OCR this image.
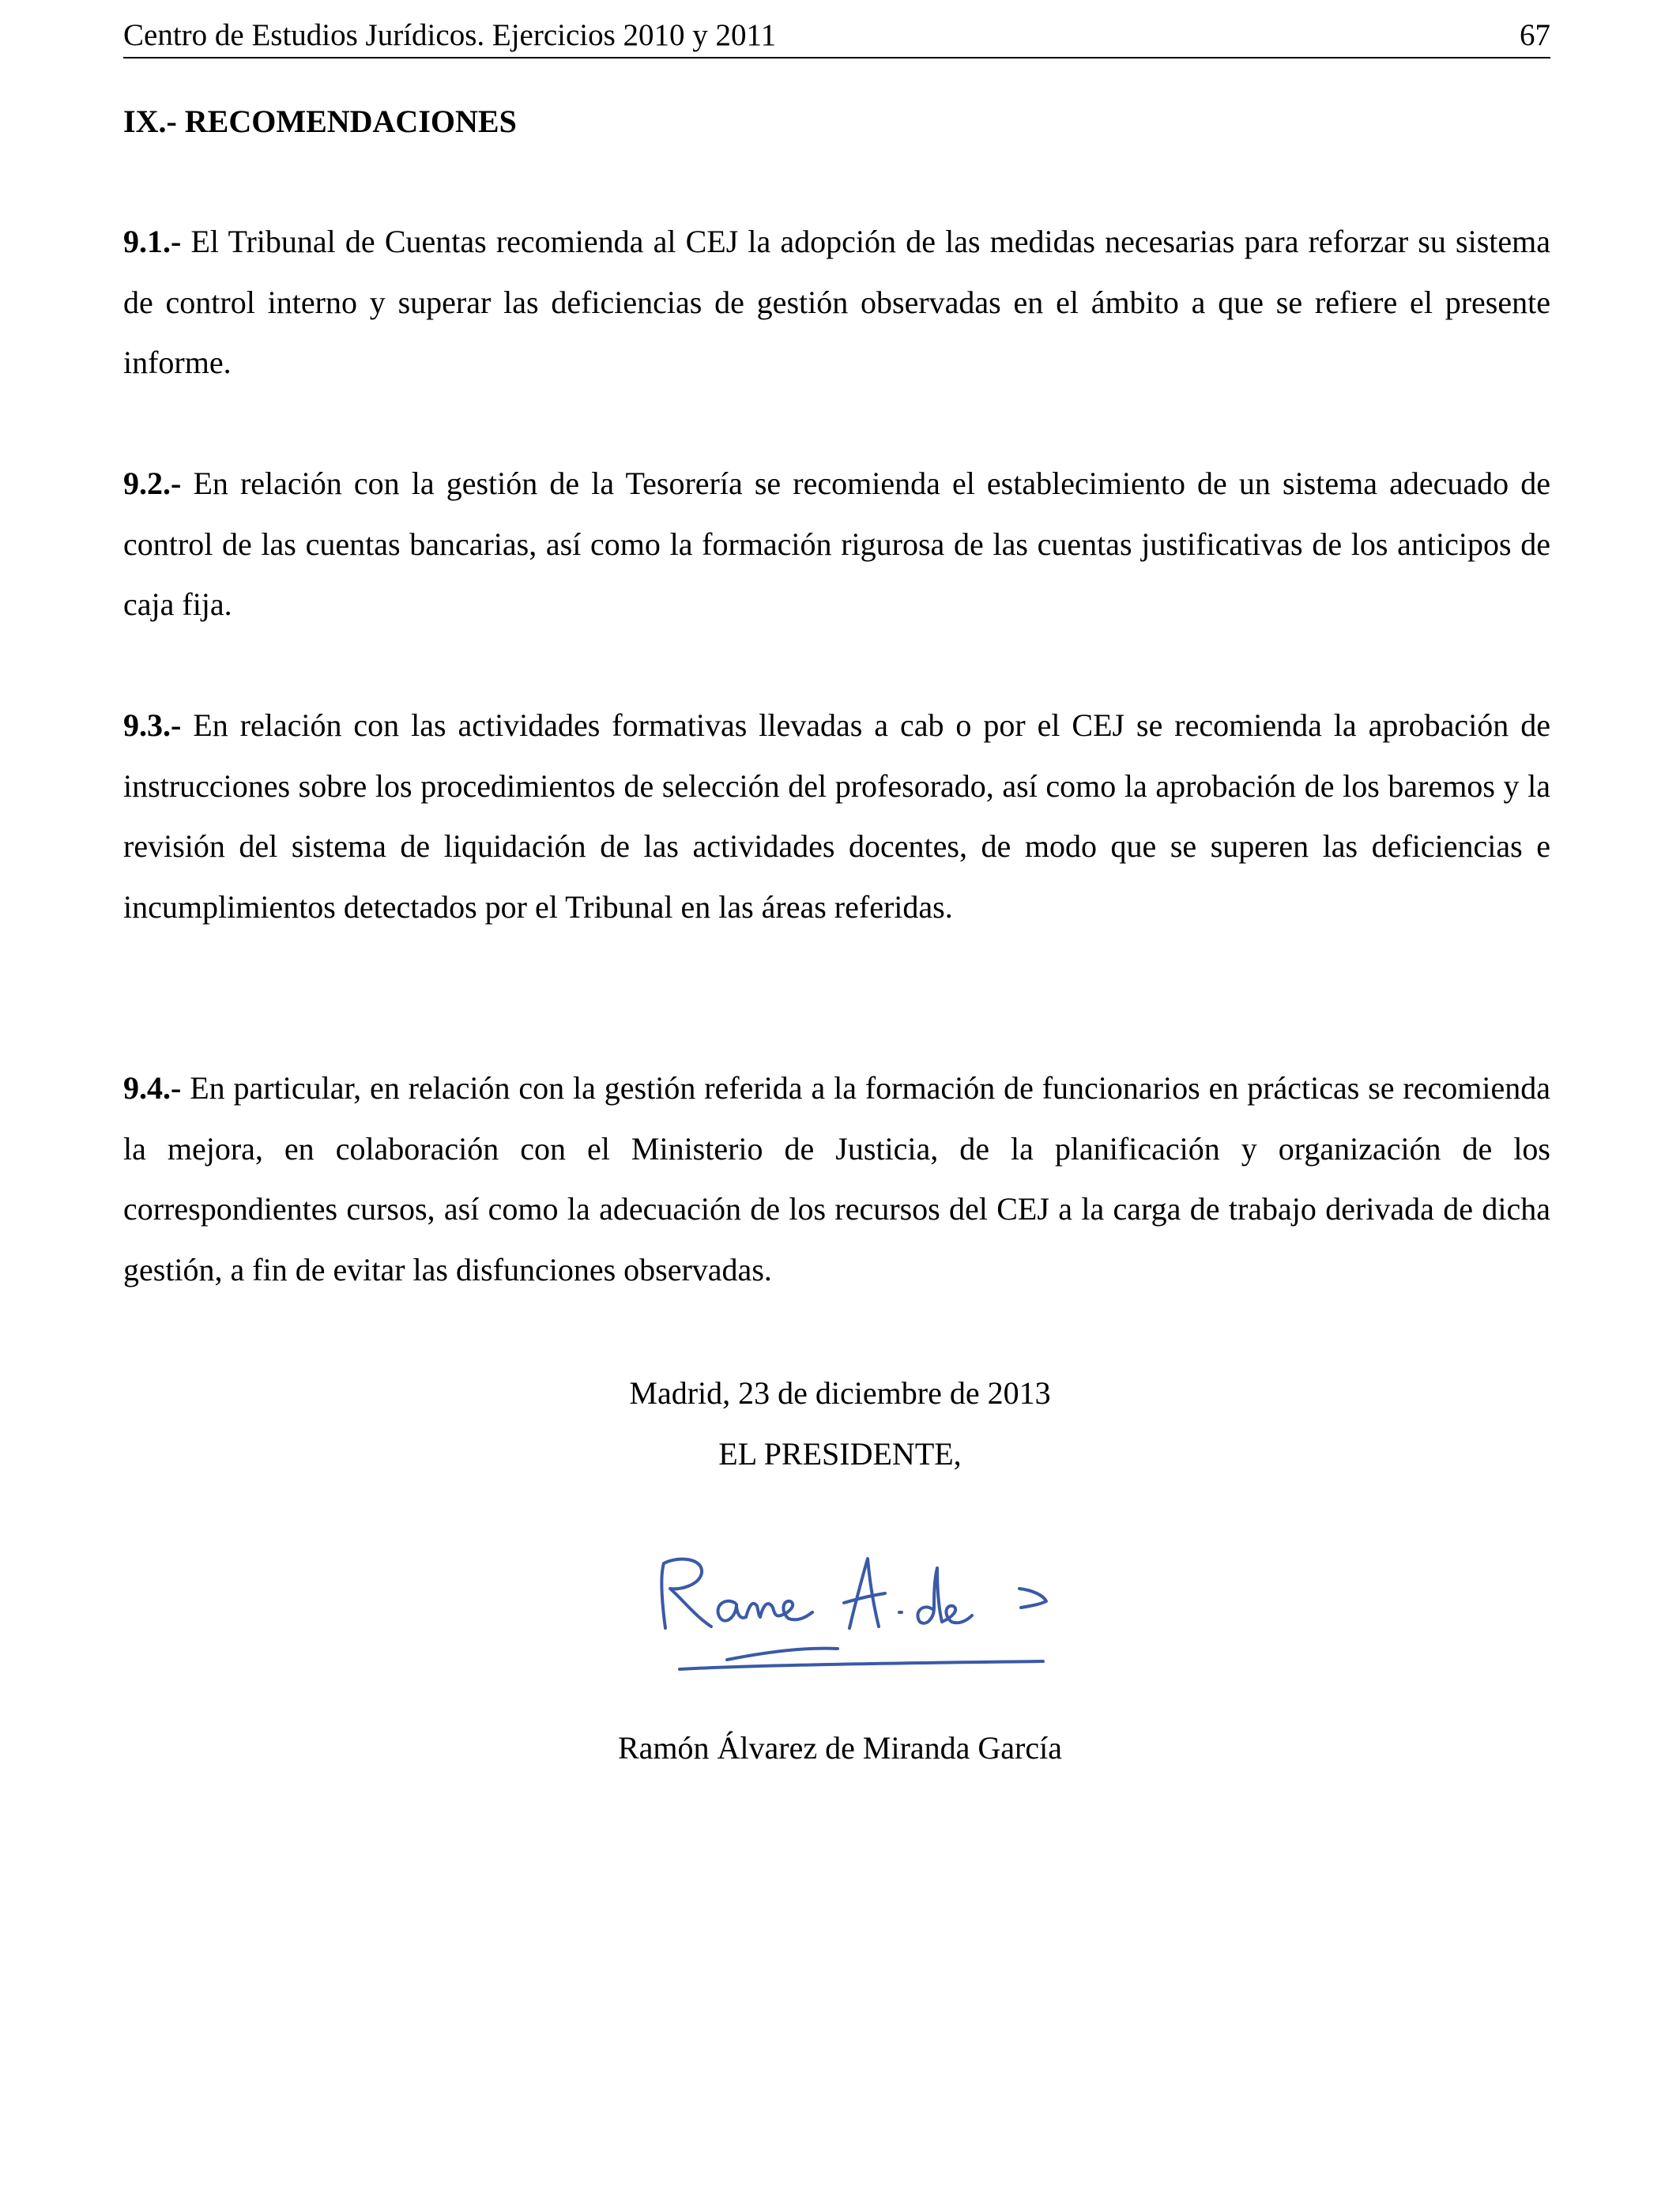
Centro de Estudios Jurídicos. Ejercicios 2010 y 2011	67
IX.- RECOMENDACIONES

9.1.- El Tribunal de Cuentas recomienda al CEJ la adopción de las medidas necesarias para reforzar su sistema de control interno y superar las deficiencias de gestión observadas en el ámbito a que se refiere el presente informe.

9.2.- En relación con la gestión de la Tesorería se recomienda el establecimiento de un sistema adecuado de control de las cuentas bancarias, así como la formación rigurosa de las cuentas justificativas de los anticipos de caja fija.

9.3.- En relación con las actividades formativas llevadas a cab o por el CEJ se recomienda la aprobación de instrucciones sobre los procedimientos de selección del profesorado, así como la aprobación de los baremos y la revisión del sistema de liquidación de las actividades docentes, de modo que se superen las deficiencias e incumplimientos detectados por el Tribunal en las áreas referidas.

9.4.- En particular, en relación con la gestión referida a la formación de funcionarios en prácticas se recomienda la mejora, en colaboración con el Ministerio de Justicia, de la planificación y organización de los correspondientes cursos, así como la adecuación de los recursos del CEJ a la carga de trabajo derivada de dicha gestión, a fin de evitar las disfunciones observadas.

Madrid, 23 de diciembre de 2013
EL PRESIDENTE,
Ramón Álvarez de Miranda García
